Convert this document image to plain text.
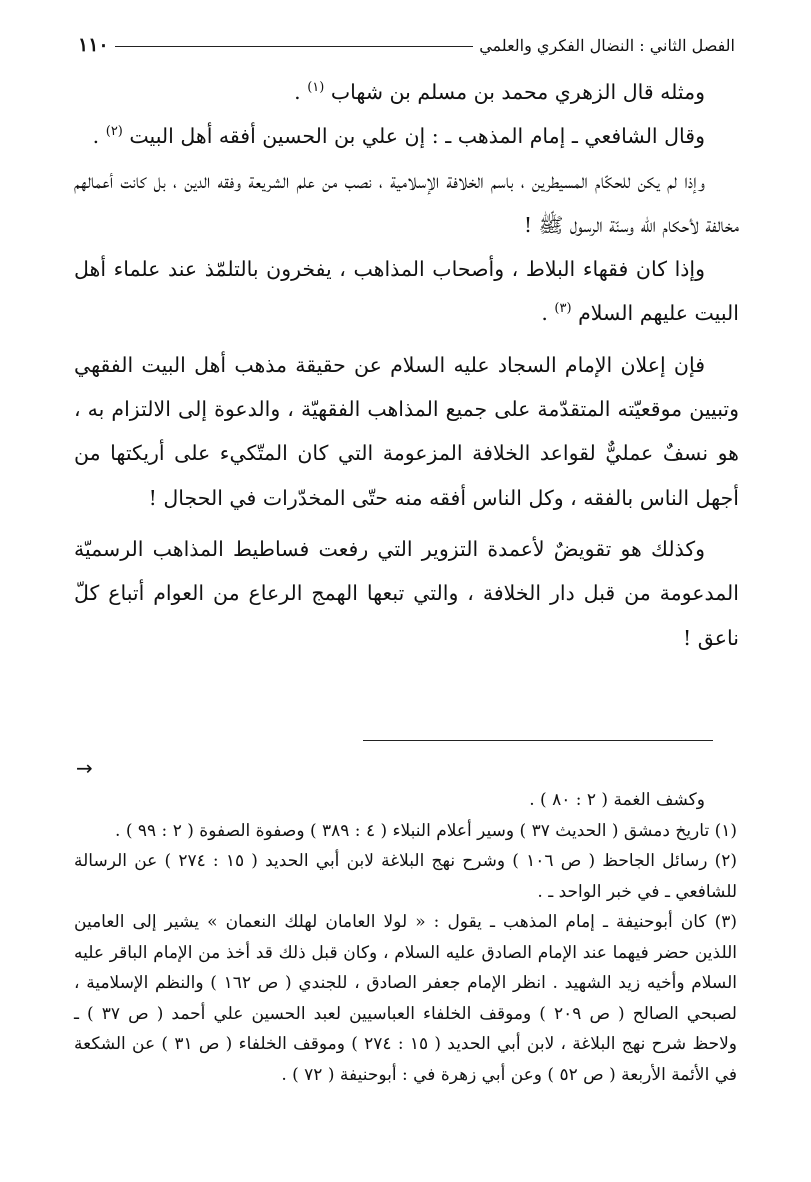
الفصل الثاني : النضال الفكري والعلمي
١١٠

ومثله قال الزهري محمد بن مسلم بن شهاب $^{(١)}$ .

وقال الشافعي ـ إمام المذهب ـ : إن علي بن الحسين أفقه أهل البيت $^{(٢)}$ .

وإذا لم يكن للحكّام المسيطرين ، باسم الخلافة الإسلامية ، نصب من علم الشريعة وفقه الدين ، بل كانت أعمالهم مخالفة لأحكام الله وسنّة الرسول ﷺ !

وإذا كان فقهاء البلاط ، وأصحاب المذاهب ، يفخرون بالتلمّذ عند علماء أهل البيت عليهم السلام $^{(٣)}$ .

فإن إعلان الإمام السجاد عليه السلام عن حقيقة مذهب أهل البيت الفقهي وتبيين موقعيّته المتقدّمة على جميع المذاهب الفقهيّة ، والدعوة إلى الالتزام به ، هو نسفٌ عمليٌّ لقواعد الخلافة المزعومة التي كان المتّكيء على أريكتها من أجهل الناس بالفقه ، وكل الناس أفقه منه حتّى المخدّرات في الحجال !

وكذلك هو تقويضٌ لأعمدة التزوير التي رفعت فساطيط المذاهب الرسميّة المدعومة من قبل دار الخلافة ، والتي تبعها الهمج الرعاع من العوام أتباع كلّ ناعق !

→

وكشف الغمة ( ٢ : ٨٠ ) .

(١) تاريخ دمشق ( الحديث ٣٧ ) وسير أعلام النبلاء ( ٤ : ٣٨٩ ) وصفوة الصفوة ( ٢ : ٩٩ ) .

(٢) رسائل الجاحظ ( ص ١٠٦ ) وشرح نهج البلاغة لابن أبي الحديد ( ١٥ : ٢٧٤ ) عن الرسالة للشافعي ـ في خبر الواحد ـ .

(٣) كان أبوحنيفة ـ إمام المذهب ـ يقول : « لولا العامان لهلك النعمان » يشير إلى العامين اللذين حضر فيهما عند الإمام الصادق عليه السلام ، وكان قبل ذلك قد أخذ من الإمام الباقر عليه السلام وأخيه زيد الشهيد . انظر الإمام جعفر الصادق ، للجندي ( ص ١٦٢ ) والنظم الإسلامية ، لصبحي الصالح ( ص ٢٠٩ ) وموقف الخلفاء العباسيين لعبد الحسين علي أحمد ( ص ٣٧ ) ـ ولاحظ شرح نهج البلاغة ، لابن أبي الحديد ( ١٥ : ٢٧٤ ) وموقف الخلفاء ( ص ٣١ ) عن الشكعة في الأئمة الأربعة ( ص ٥٢ ) وعن أبي زهرة في : أبوحنيفة ( ٧٢ ) .
